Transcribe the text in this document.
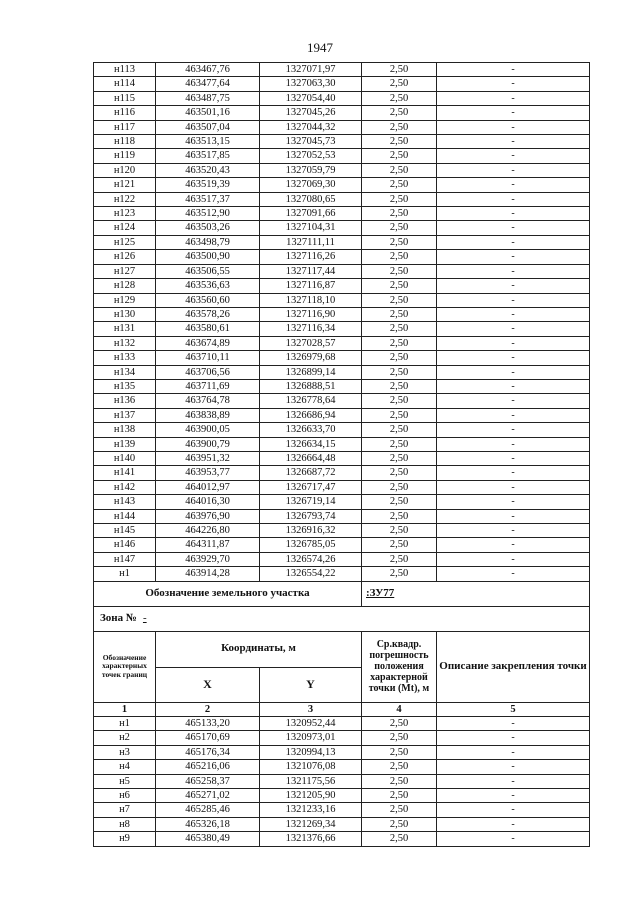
1947
н113	463467,76	1327071,97	2,50	-
н114	463477,64	1327063,30	2,50	-
н115	463487,75	1327054,40	2,50	-
н116	463501,16	1327045,26	2,50	-
н117	463507,04	1327044,32	2,50	-
н118	463513,15	1327045,73	2,50	-
н119	463517,85	1327052,53	2,50	-
н120	463520,43	1327059,79	2,50	-
н121	463519,39	1327069,30	2,50	-
н122	463517,37	1327080,65	2,50	-
н123	463512,90	1327091,66	2,50	-
н124	463503,26	1327104,31	2,50	-
н125	463498,79	1327111,11	2,50	-
н126	463500,90	1327116,26	2,50	-
н127	463506,55	1327117,44	2,50	-
н128	463536,63	1327116,87	2,50	-
н129	463560,60	1327118,10	2,50	-
н130	463578,26	1327116,90	2,50	-
н131	463580,61	1327116,34	2,50	-
н132	463674,89	1327028,57	2,50	-
н133	463710,11	1326979,68	2,50	-
н134	463706,56	1326899,14	2,50	-
н135	463711,69	1326888,51	2,50	-
н136	463764,78	1326778,64	2,50	-
н137	463838,89	1326686,94	2,50	-
н138	463900,05	1326633,70	2,50	-
н139	463900,79	1326634,15	2,50	-
н140	463951,32	1326664,48	2,50	-
н141	463953,77	1326687,72	2,50	-
н142	464012,97	1326717,47	2,50	-
н143	464016,30	1326719,14	2,50	-
н144	463976,90	1326793,74	2,50	-
н145	464226,80	1326916,32	2,50	-
н146	464311,87	1326785,05	2,50	-
н147	463929,70	1326574,26	2,50	-
н1	463914,28	1326554,22	2,50	-
Обозначение земельного участка			:ЗУ77	
Зона № -				
Обозначение характерных точек границ	Координаты, м		Ср.квадр. погрешность положения характерной точки (Mt), м	Описание закрепления точки
	X	Y		
1	2	3	4	5
н1	465133,20	1320952,44	2,50	-
н2	465170,69	1320973,01	2,50	-
н3	465176,34	1320994,13	2,50	-
н4	465216,06	1321076,08	2,50	-
н5	465258,37	1321175,56	2,50	-
н6	465271,02	1321205,90	2,50	-
н7	465285,46	1321233,16	2,50	-
н8	465326,18	1321269,34	2,50	-
н9	465380,49	1321376,66	2,50	-
